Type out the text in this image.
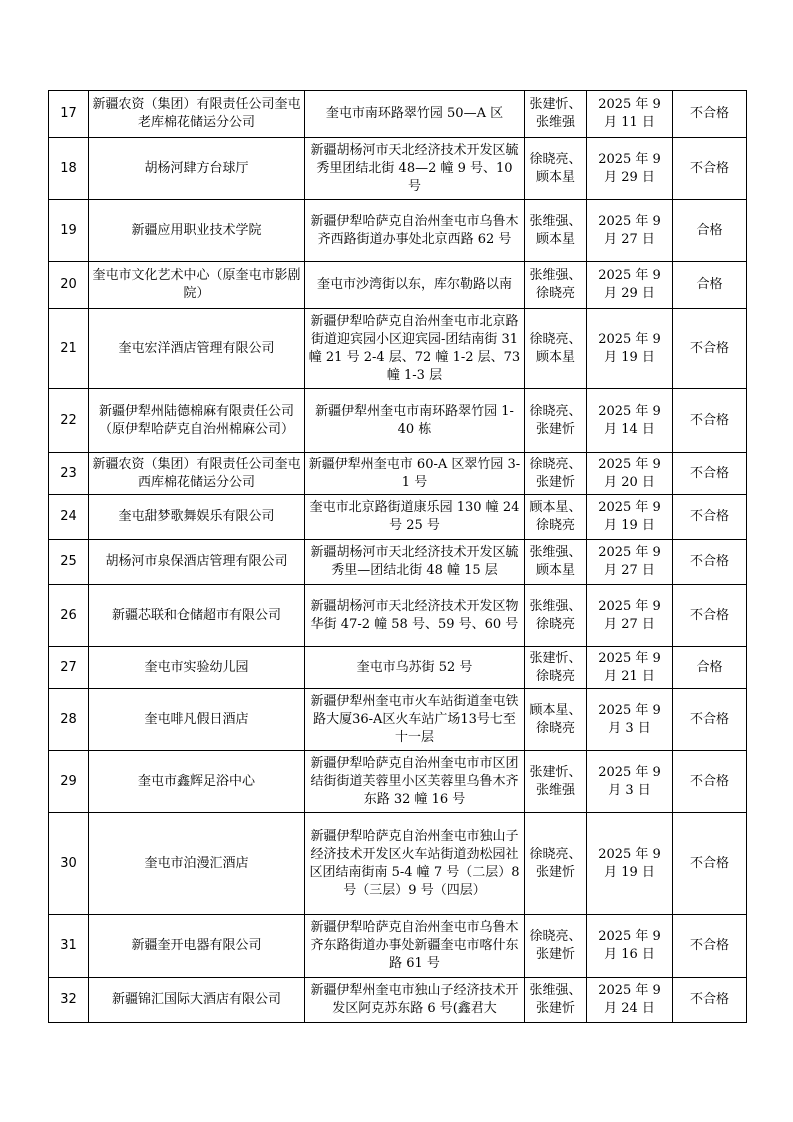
17	新疆农资（集团）有限责任公司奎屯老库棉花储运分公司	奎屯市南环路翠竹园 50—A 区	张建忻、张维强	2025 年 9 月 11 日	不合格
18	胡杨河肆方台球厅	新疆胡杨河市天北经济技术开发区毓秀里团结北街 48—2 幢 9 号、10 号	徐晓亮、顾本星	2025 年 9 月 29 日	不合格
19	新疆应用职业技术学院	新疆伊犁哈萨克自治州奎屯市乌鲁木齐西路街道办事处北京西路 62 号	张维强、顾本星	2025 年 9 月 27 日	合格
20	奎屯市文化艺术中心（原奎屯市影剧院）	奎屯市沙湾街以东，库尔勒路以南	张维强、徐晓亮	2025 年 9 月 29 日	合格
21	奎屯宏洋酒店管理有限公司	新疆伊犁哈萨克自治州奎屯市北京路街道迎宾园小区迎宾园-团结南街 31 幢 21 号 2-4 层、72 幢 1-2 层、73 幢 1-3 层	徐晓亮、顾本星	2025 年 9 月 19 日	不合格
22	新疆伊犁州陆德棉麻有限责任公司（原伊犁哈萨克自治州棉麻公司）	新疆伊犁州奎屯市南环路翠竹园 1-40 栋	徐晓亮、张建忻	2025 年 9 月 14 日	不合格
23	新疆农资（集团）有限责任公司奎屯西库棉花储运分公司	新疆伊犁州奎屯市 60-A 区翠竹园 3-1 号	徐晓亮、张建忻	2025 年 9 月 20 日	不合格
24	奎屯甜梦歌舞娱乐有限公司	奎屯市北京路街道康乐园 130 幢 24 号 25 号	顾本星、徐晓亮	2025 年 9 月 19 日	不合格
25	胡杨河市泉保酒店管理有限公司	新疆胡杨河市天北经济技术开发区毓秀里—团结北街 48 幢 15 层	张维强、顾本星	2025 年 9 月 27 日	不合格
26	新疆芯联和仓储超市有限公司	新疆胡杨河市天北经济技术开发区物华街 47-2 幢 58 号、59 号、60 号	张维强、徐晓亮	2025 年 9 月 27 日	不合格
27	奎屯市实验幼儿园	奎屯市乌苏街 52 号	张建忻、徐晓亮	2025 年 9 月 21 日	合格
28	奎屯啡凡假日酒店	新疆伊犁州奎屯市火车站街道奎屯铁路大厦36-A区火车站广场13号七至十一层	顾本星、徐晓亮	2025 年 9 月 3 日	不合格
29	奎屯市鑫辉足浴中心	新疆伊犁哈萨克自治州奎屯市市区团结街街道芙蓉里小区芙蓉里乌鲁木齐东路 32 幢 16 号	张建忻、张维强	2025 年 9 月 3 日	不合格
30	奎屯市泊漫汇酒店	新疆伊犁哈萨克自治州奎屯市独山子经济技术开发区火车站街道劲松园社区团结南街南 5-4 幢 7 号（二层）8 号（三层）9 号（四层）	徐晓亮、张建忻	2025 年 9 月 19 日	不合格
31	新疆奎开电器有限公司	新疆伊犁哈萨克自治州奎屯市乌鲁木齐东路街道办事处新疆奎屯市喀什东路 61 号	徐晓亮、张建忻	2025 年 9 月 16 日	不合格
32	新疆锦汇国际大酒店有限公司	新疆伊犁州奎屯市独山子经济技术开发区阿克苏东路 6 号(鑫君大	张维强、张建忻	2025 年 9 月 24 日	不合格
